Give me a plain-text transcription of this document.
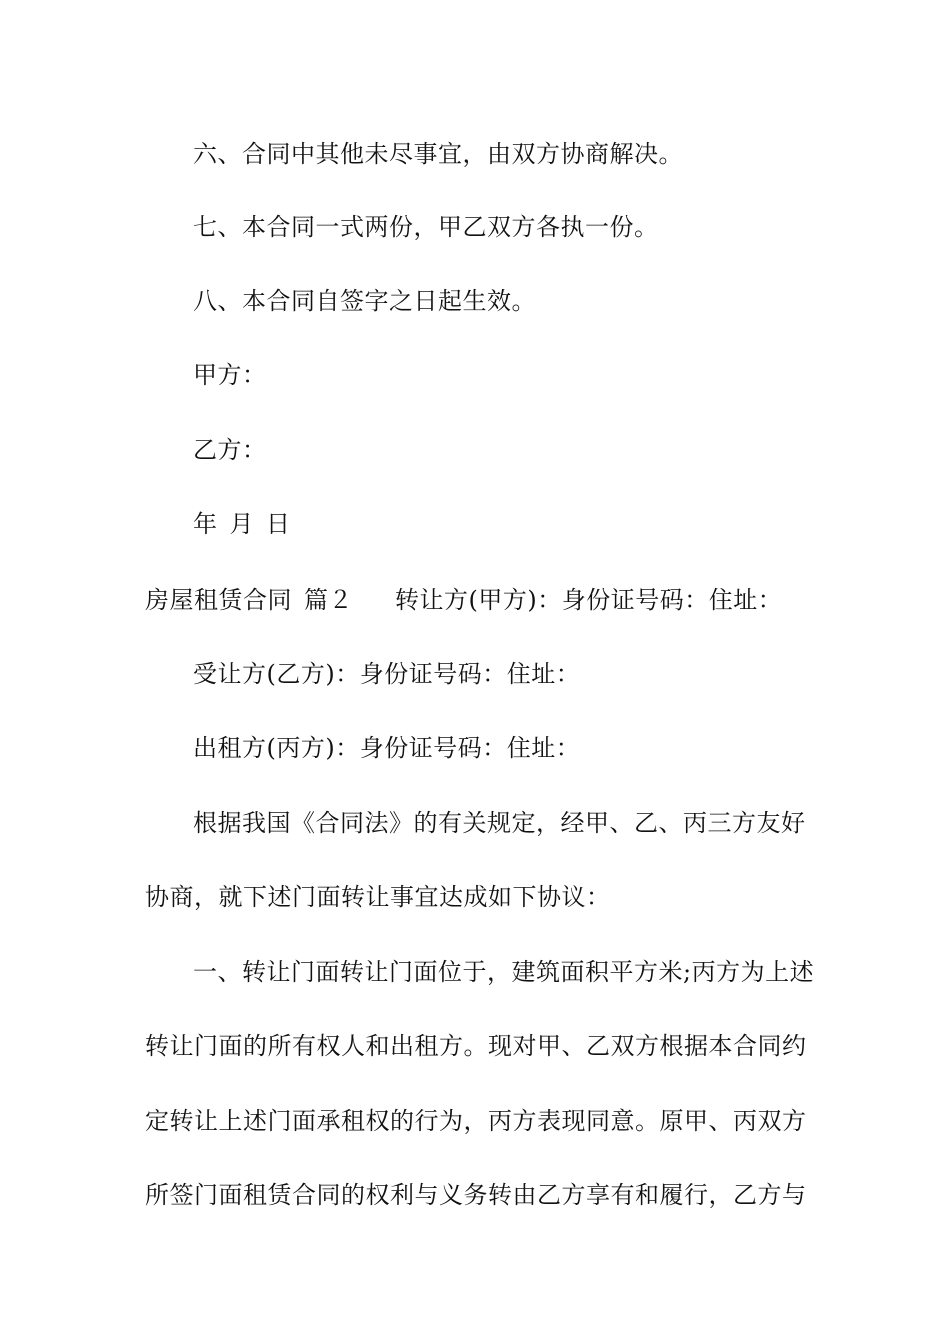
六、合同中其他未尽事宜，由双方协商解决。
七、本合同一式两份，甲乙双方各执一份。
八、本合同自签字之日起生效。
甲方：
乙方：
年 月 日
房屋租赁合同 篇２ 转让方(甲方)：身份证号码：住址：
受让方(乙方)：身份证号码：住址：
出租方(丙方)：身份证号码：住址：
根据我国《合同法》的有关规定，经甲、乙、丙三方友好
协商，就下述门面转让事宜达成如下协议：
一、转让门面转让门面位于，建筑面积平方米;丙方为上述
转让门面的所有权人和出租方。现对甲、乙双方根据本合同约
定转让上述门面承租权的行为，丙方表现同意。原甲、丙双方
所签门面租赁合同的权利与义务转由乙方享有和履行，乙方与
